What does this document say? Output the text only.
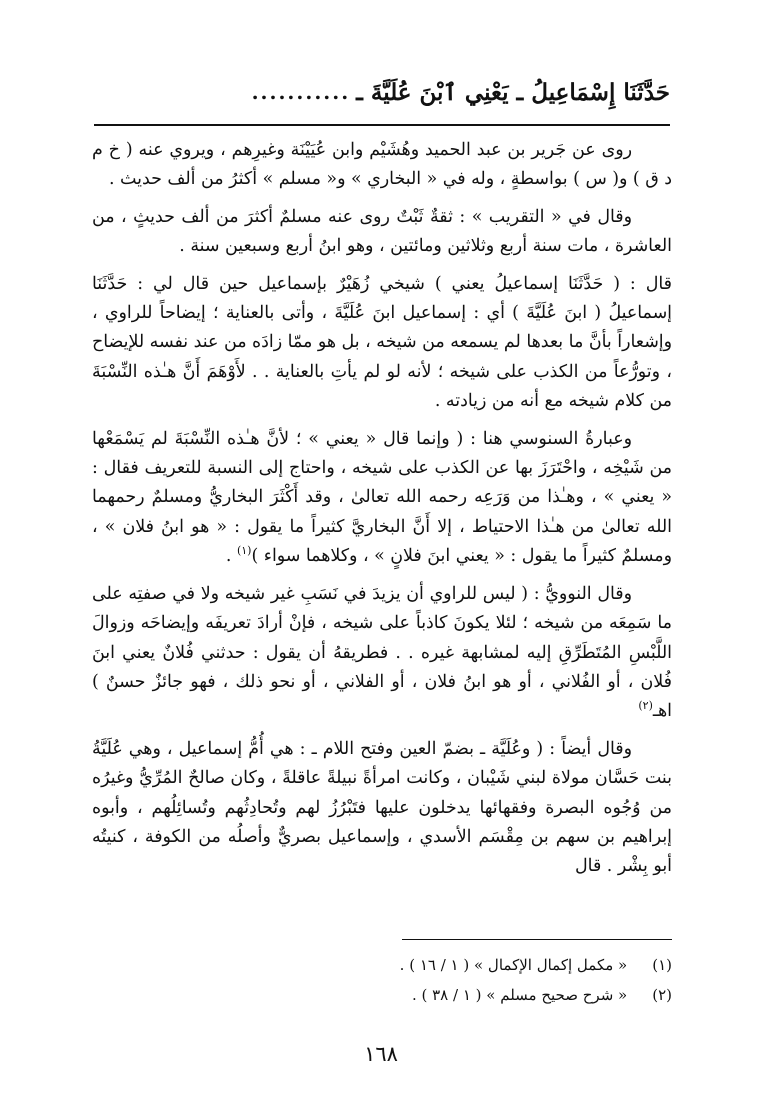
حَدَّثَنَا إِسْمَاعِيلُ ـ يَعْنِي ٱبْنَ عُلَيَّةَ ـ
...........

روى عن جَرير بن عبد الحميد وهُشَيْم وابن عُيَيْنَة وغيرِهم ، ويروي عنه ( خ م د ق ) و( س ) بواسطةٍ ، وله في « البخاري » و« مسلم » أكثرُ من ألف حديث .

وقال في « التقريب » : ثقةٌ ثَبْتٌ روى عنه مسلمٌ أكثرَ من ألف حديثٍ ، من العاشرة ، مات سنة أربع وثلاثين ومائتين ، وهو ابنُ أربع وسبعين سنة .

قال : ( حَدَّثَنَا إسماعيلُ يعني ) شيخي زُهَيْرٌ بإسماعيل حين قال لي : حَدَّثَنَا إسماعيلُ ( ابنَ عُلَيَّةَ ) أي : إسماعيل ابنَ عُلَيَّةَ ، وأتى بالعناية ؛ إيضاحاً للراوي ، وإشعاراً بأنَّ ما بعدها لم يسمعه من شيخه ، بل هو ممّا زادَه من عند نفسه للإيضاح ، وتورُّعاً من الكذب على شيخه ؛ لأنه لو لم يأتِ بالعناية . . لأَوْهَمَ أَنَّ هـٰذه النِّسْبَةَ من كلام شيخه مع أنه من زيادته .

وعبارةُ السنوسي هنا : ( وإنما قال « يعني » ؛ لأنَّ هـٰذه النِّسْبَةَ لم يَسْمَعْها من شَيْخِه ، واحْتَرَزَ بها عن الكذب على شيخه ، واحتاج إلى النسبة للتعريف فقال : « يعني » ، وهـٰذا من وَرَعِه رحمه الله تعالىٰ ، وقد أَكْثَرَ البخاريُّ ومسلمٌ رحمهما الله تعالىٰ من هـٰذا الاحتياط ، إلا أَنَّ البخاريَّ كثيراً ما يقول : « هو ابنُ فلان » ، ومسلمٌ كثيراً ما يقول : « يعني ابنَ فلانٍ » ، وكلاهما سواء )$^{(١)}$ .

وقال النوويُّ : ( ليس للراوي أن يزيدَ في نَسَبِ غير شيخه ولا في صفتِه على ما سَمِعَه من شيخه ؛ لئلا يكونَ كاذباً على شيخه ، فإنْ أرادَ تعريفَه وإيضاحَه وزوالَ اللَّبْسِ المُتَطَرِّقِ إليه لمشابهة غيره . . فطريقهُ أن يقول : حدثني فُلانٌ يعني ابنَ فُلان ، أو الفُلاني ، أو هو ابنُ فلان ، أو الفلاني ، أو نحو ذلك ، فهو جائزٌ حسنٌ ) اهـ$^{(٢)}$

وقال أيضاً : ( وعُلَيَّة ـ بضمّ العين وفتح اللام ـ : هي أُمُّ إسماعيل ، وهي عُلَيَّةُ بنت حَسَّان مولاة لبني شَيْبان ، وكانت امرأةً نبيلةً عاقلةً ، وكان صالحٌ المُرِّيُّ وغيرُه من وُجُوه البصرة وفقهائها يدخلون عليها فتَبْرُزُ لهم وتُحادِثُهم وتُسائِلُهم ، وأبوه إبراهيم بن سهم بن مِقْسَم الأسدي ، وإسماعيل بصريٌّ وأصلُه من الكوفة ، كنيتُه أبو بِشْر . قال

(١) « مكمل إكمال الإكمال » ( ١ / ١٦ ) .
(٢) « شرح صحيح مسلم » ( ١ / ٣٨ ) .
١٦٨
